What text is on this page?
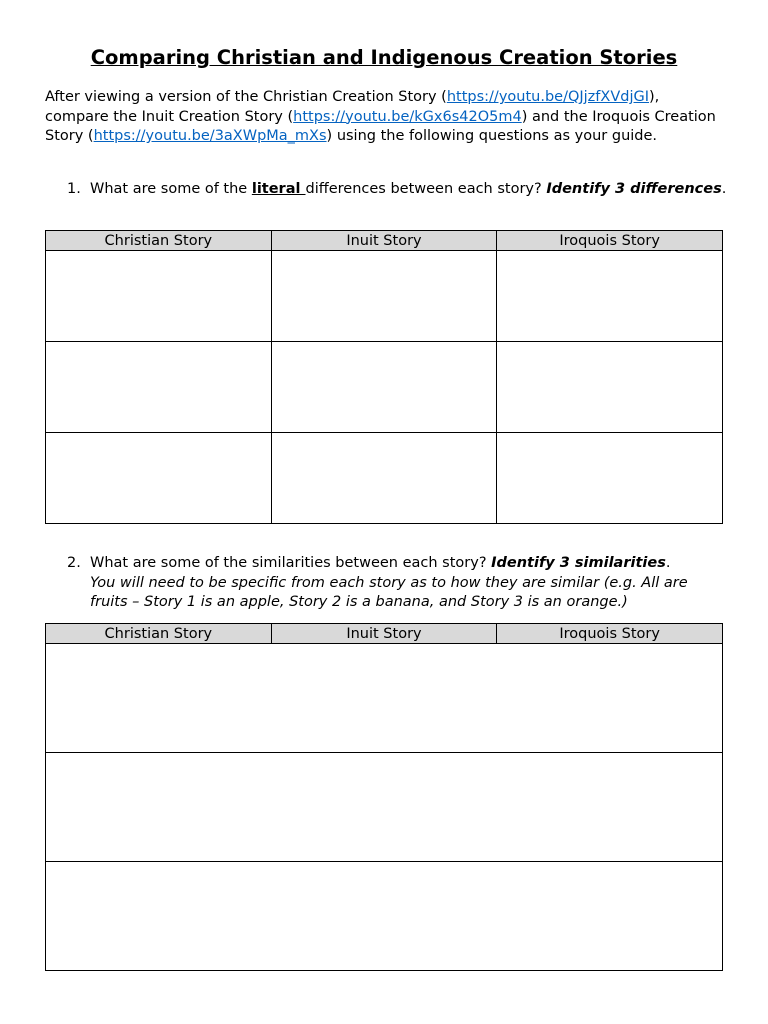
Comparing Christian and Indigenous Creation Stories

After viewing a version of the Christian Creation Story (https://youtu.be/QJjzfXVdjGI), compare the Inuit Creation Story (https://youtu.be/kGx6s42O5m4) and the Iroquois Creation Story (https://youtu.be/3aXWpMa_mXs) using the following questions as your guide.

1. What are some of the literal differences between each story? Identify 3 differences.
Christian Story	Inuit Story	Iroquois Story

2. What are some of the similarities between each story? Identify 3 similarities.
You will need to be specific from each story as to how they are similar (e.g. All are fruits – Story 1 is an apple, Story 2 is a banana, and Story 3 is an orange.)
Christian Story	Inuit Story	Iroquois Story
